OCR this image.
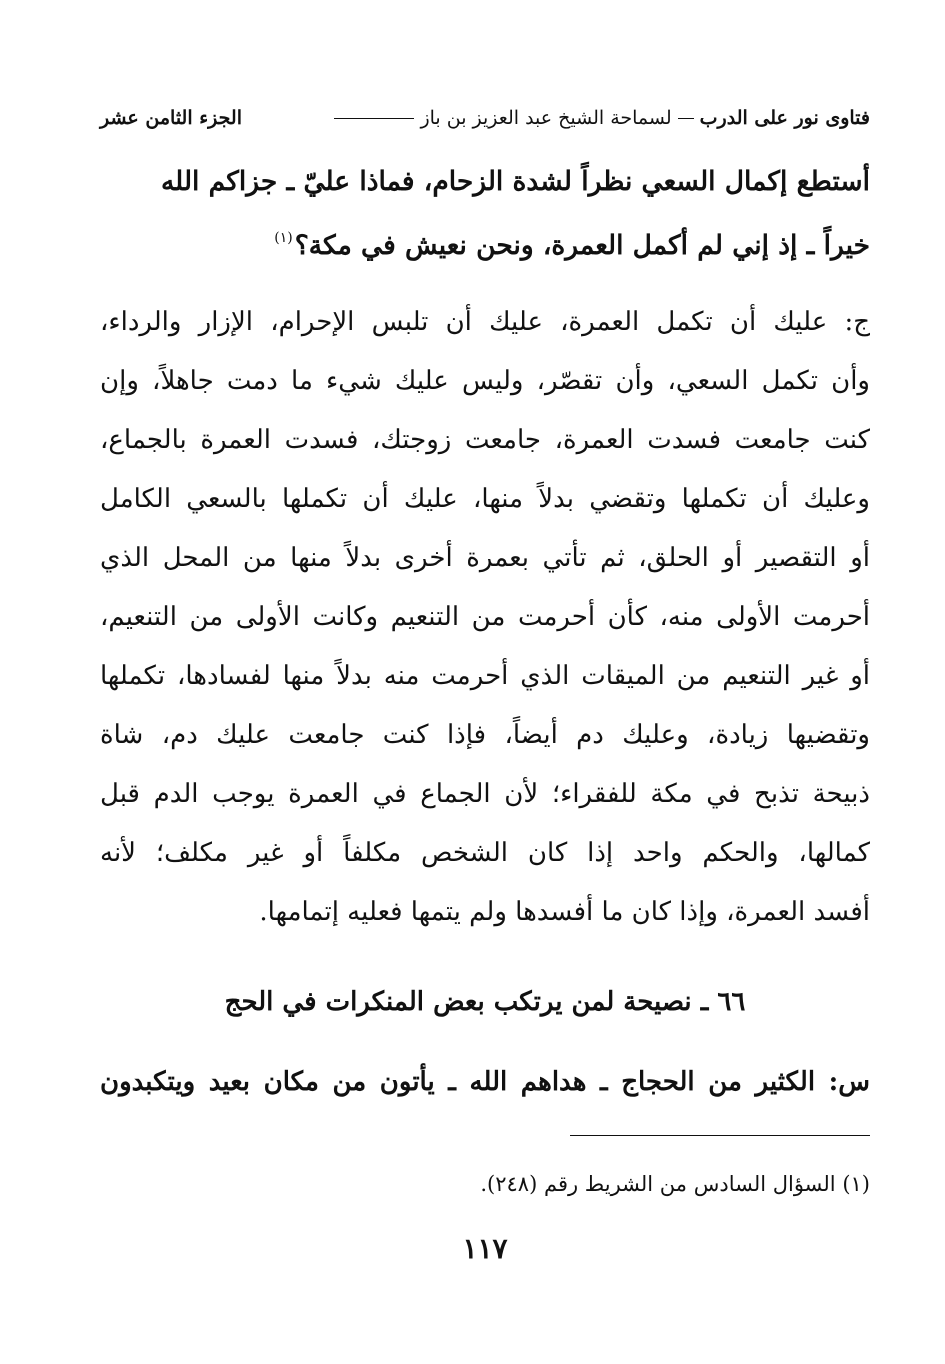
فتاوى نور على الدرب
لسماحة الشيخ عبد العزيز بن باز
الجزء الثامن عشر
أستطع إكمال السعي نظراً لشدة الزحام، فماذا عليّ ـ جزاكم الله
خيراً ـ إذ إني لم أكمل العمرة، ونحن نعيش في مكة؟$^{(١)}$
ج: عليك أن تكمل العمرة، عليك أن تلبس الإحرام، الإزار والرداء،
وأن تكمل السعي، وأن تقصّر، وليس عليك شيء ما دمت جاهلاً، وإن
كنت جامعت فسدت العمرة، جامعت زوجتك، فسدت العمرة بالجماع،
وعليك أن تكملها وتقضي بدلاً منها، عليك أن تكملها بالسعي الكامل
أو التقصير أو الحلق، ثم تأتي بعمرة أخرى بدلاً منها من المحل الذي
أحرمت الأولى منه، كأن أحرمت من التنعيم وكانت الأولى من التنعيم،
أو غير التنعيم من الميقات الذي أحرمت منه بدلاً منها لفسادها، تكملها
وتقضيها زيادة، وعليك دم أيضاً، فإذا كنت جامعت عليك دم، شاة
ذبيحة تذبح في مكة للفقراء؛ لأن الجماع في العمرة يوجب الدم قبل
كمالها، والحكم واحد إذا كان الشخص مكلفاً أو غير مكلف؛ لأنه
أفسد العمرة، وإذا كان ما أفسدها ولم يتمها فعليه إتمامها.
٦٦ ـ نصيحة لمن يرتكب بعض المنكرات في الحج
س: الكثير من الحجاج ـ هداهم الله ـ يأتون من مكان بعيد ويتكبدون
(١) السؤال السادس من الشريط رقم (٢٤٨).
١١٧
